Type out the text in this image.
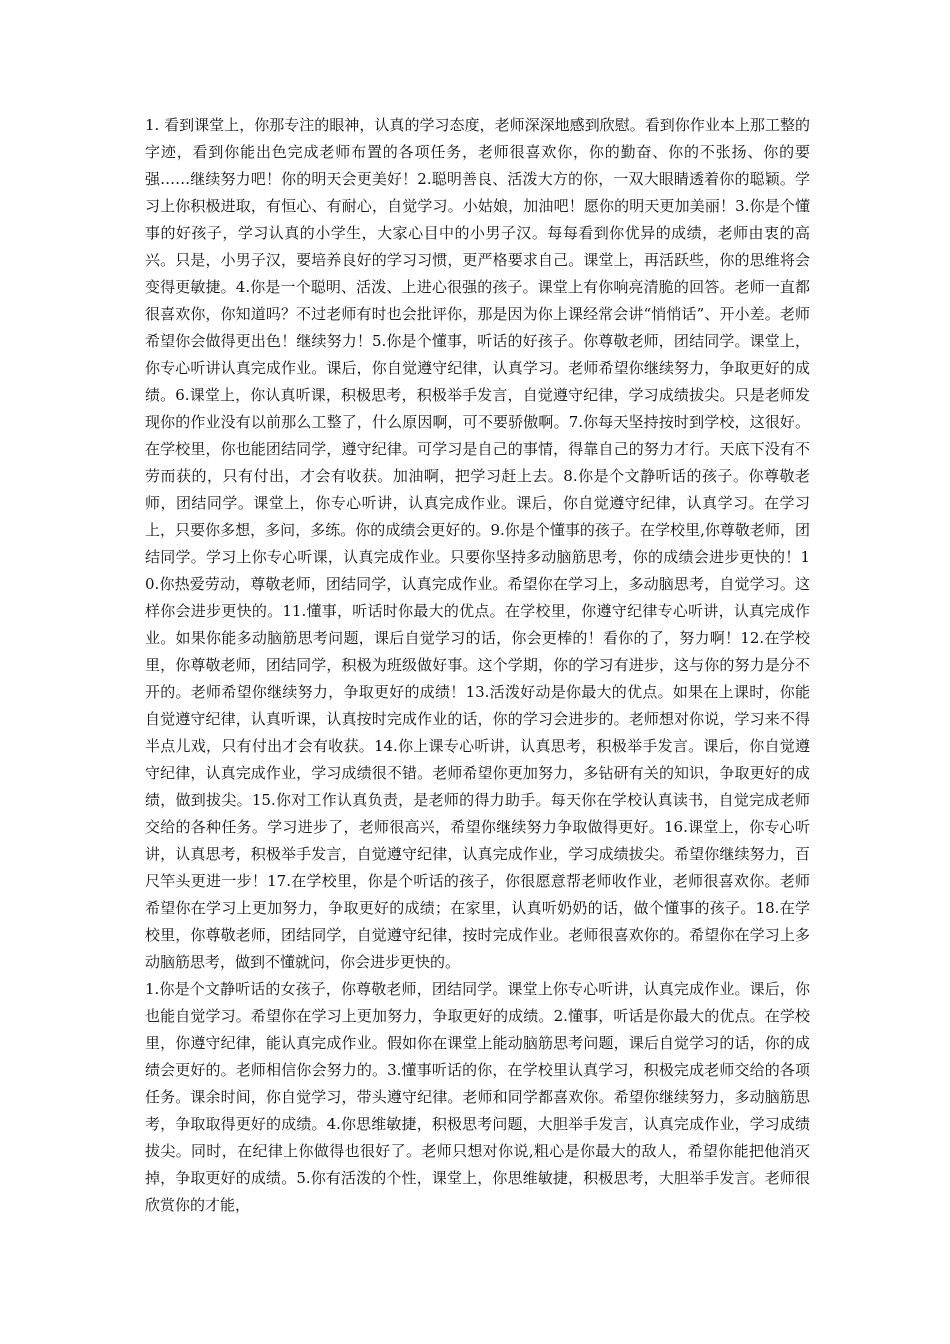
1. 看到课堂上，你那专注的眼神，认真的学习态度，老师深深地感到欣慰。看到你作业本上那工整的字迹，看到你能出色完成老师布置的各项任务，老师很喜欢你，你的勤奋、你的不张扬、你的要强……继续努力吧！你的明天会更美好！2.聪明善良、活泼大方的你，一双大眼睛透着你的聪颖。学习上你积极进取，有恒心、有耐心，自觉学习。小姑娘，加油吧！愿你的明天更加美丽！3.你是个懂事的好孩子，学习认真的小学生，大家心目中的小男子汉。每每看到你优异的成绩，老师由衷的高兴。只是，小男子汉，要培养良好的学习习惯，更严格要求自己。课堂上，再活跃些，你的思维将会变得更敏捷。4.你是一个聪明、活泼、上进心很强的孩子。课堂上有你响亮清脆的回答。老师一直都很喜欢你，你知道吗？不过老师有时也会批评你，那是因为你上课经常会讲“悄悄话”、开小差。老师希望你会做得更出色！继续努力！5.你是个懂事，听话的好孩子。你尊敬老师，团结同学。课堂上，你专心听讲认真完成作业。课后，你自觉遵守纪律，认真学习。老师希望你继续努力，争取更好的成绩。6.课堂上，你认真听课，积极思考，积极举手发言，自觉遵守纪律，学习成绩拔尖。只是老师发现你的作业没有以前那么工整了，什么原因啊，可不要骄傲啊。7.你每天坚持按时到学校，这很好。在学校里，你也能团结同学，遵守纪律。可学习是自己的事情，得靠自己的努力才行。天底下没有不劳而获的，只有付出，才会有收获。加油啊，把学习赶上去。8.你是个文静听话的孩子。你尊敬老师，团结同学。课堂上，你专心听讲，认真完成作业。课后，你自觉遵守纪律，认真学习。在学习上，只要你多想，多问，多练。你的成绩会更好的。9.你是个懂事的孩子。在学校里,你尊敬老师，团结同学。学习上你专心听课，认真完成作业。只要你坚持多动脑筋思考，你的成绩会进步更快的！10.你热爱劳动，尊敬老师，团结同学，认真完成作业。希望你在学习上，多动脑思考，自觉学习。这样你会进步更快的。11.懂事，听话时你最大的优点。在学校里，你遵守纪律专心听讲，认真完成作业。如果你能多动脑筋思考问题，课后自觉学习的话，你会更棒的！看你的了，努力啊！12.在学校里，你尊敬老师，团结同学，积极为班级做好事。这个学期，你的学习有进步，这与你的努力是分不开的。老师希望你继续努力，争取更好的成绩！13.活泼好动是你最大的优点。如果在上课时，你能自觉遵守纪律，认真听课，认真按时完成作业的话，你的学习会进步的。老师想对你说，学习来不得半点儿戏，只有付出才会有收获。14.你上课专心听讲，认真思考，积极举手发言。课后，你自觉遵守纪律，认真完成作业，学习成绩很不错。老师希望你更加努力，多钻研有关的知识，争取更好的成绩，做到拔尖。15.你对工作认真负责，是老师的得力助手。每天你在学校认真读书，自觉完成老师交给的各种任务。学习进步了，老师很高兴，希望你继续努力争取做得更好。16.课堂上，你专心听讲，认真思考，积极举手发言，自觉遵守纪律，认真完成作业，学习成绩拔尖。希望你继续努力，百尺竿头更进一步！17.在学校里，你是个听话的孩子，你很愿意帮老师收作业，老师很喜欢你。老师希望你在学习上更加努力，争取更好的成绩；在家里，认真听奶奶的话，做个懂事的孩子。18.在学校里，你尊敬老师，团结同学，自觉遵守纪律，按时完成作业。老师很喜欢你的。希望你在学习上多动脑筋思考，做到不懂就问，你会进步更快的。

1.你是个文静听话的女孩子，你尊敬老师，团结同学。课堂上你专心听讲，认真完成作业。课后，你也能自觉学习。希望你在学习上更加努力，争取更好的成绩。2.懂事，听话是你最大的优点。在学校里，你遵守纪律，能认真完成作业。假如你在课堂上能动脑筋思考问题，课后自觉学习的话，你的成绩会更好的。老师相信你会努力的。3.懂事听话的你，在学校里认真学习，积极完成老师交给的各项任务。课余时间，你自觉学习，带头遵守纪律。老师和同学都喜欢你。希望你继续努力，多动脑筋思考，争取取得更好的成绩。4.你思维敏捷，积极思考问题，大胆举手发言，认真完成作业，学习成绩拔尖。同时，在纪律上你做得也很好了。老师只想对你说,粗心是你最大的敌人，希望你能把他消灭掉，争取更好的成绩。5.你有活泼的个性，课堂上，你思维敏捷，积极思考，大胆举手发言。老师很欣赏你的才能，
